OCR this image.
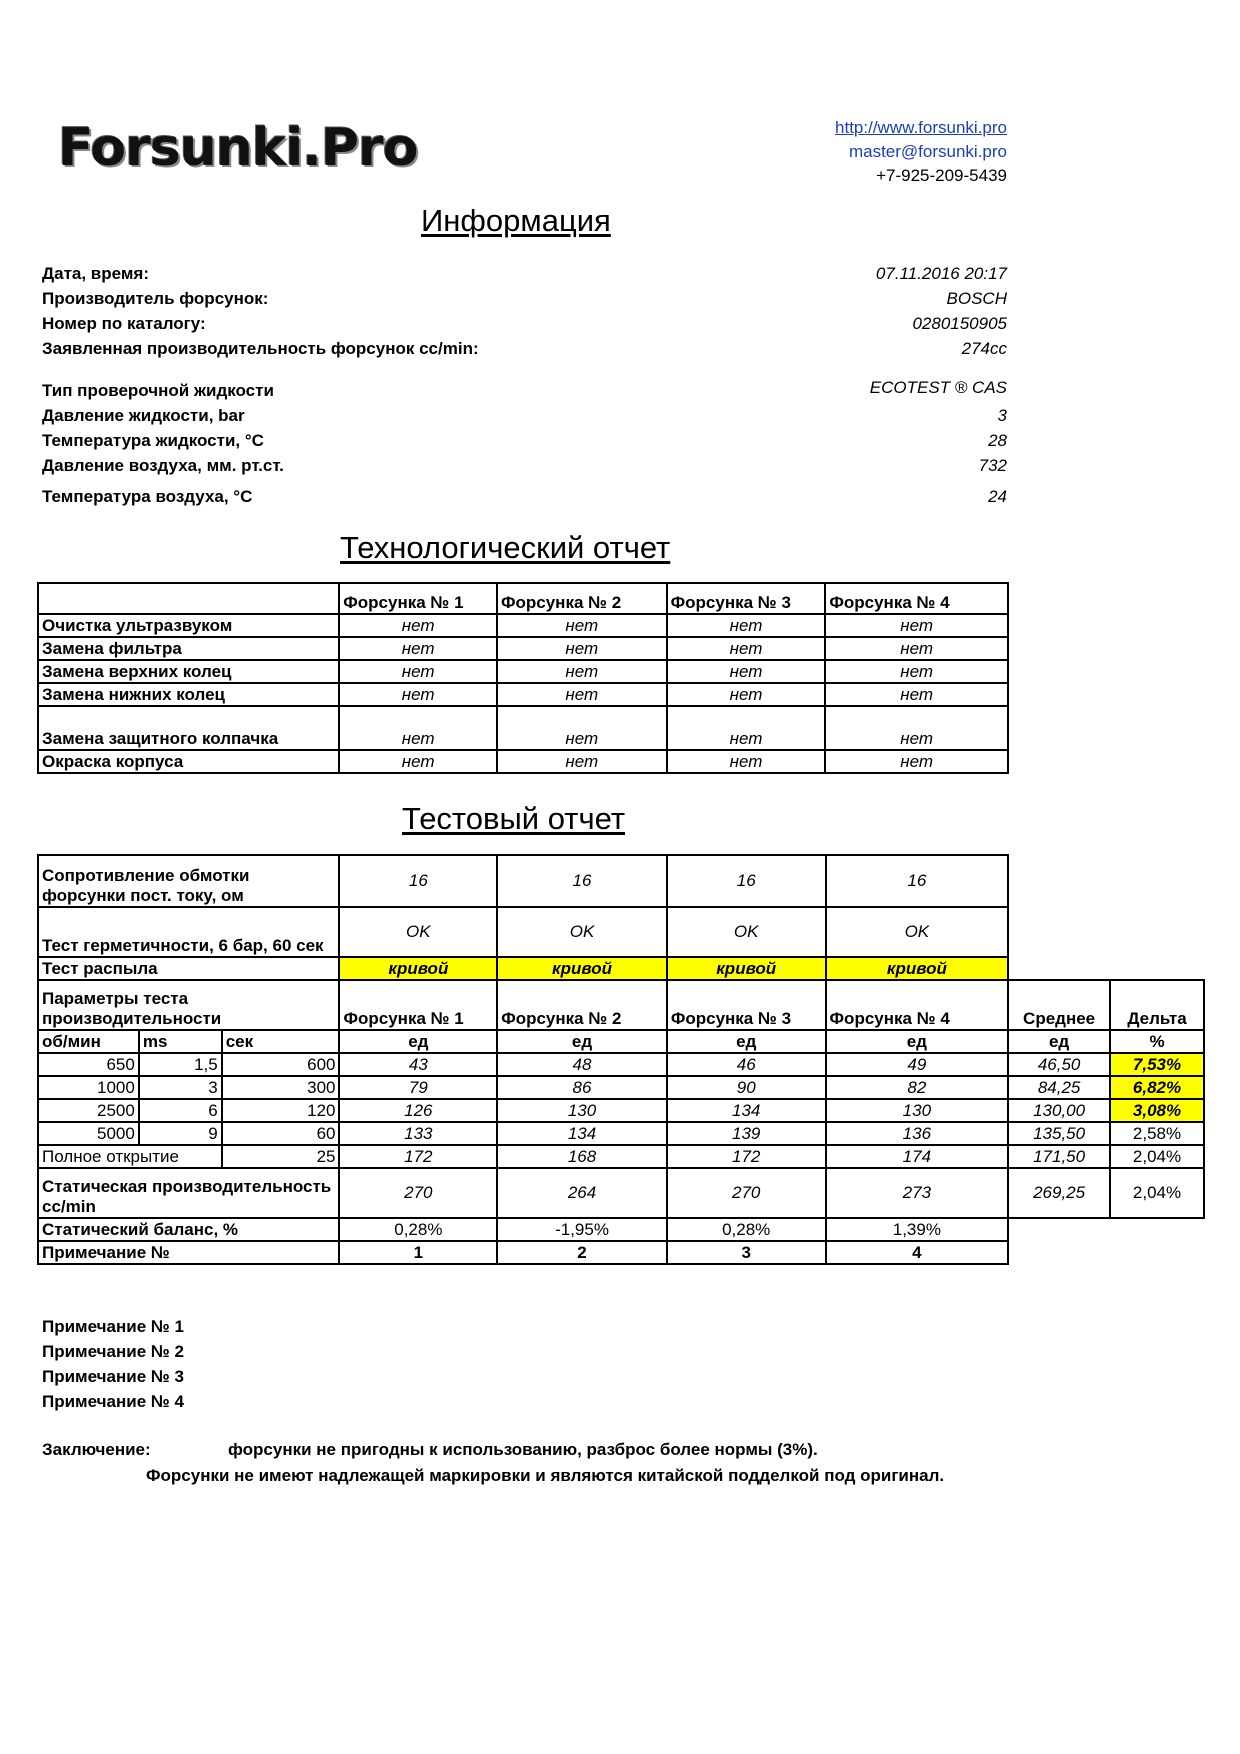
Forsunki.Pro	http://www.forsunki.pro
master@forsunki.pro
+7-925-209-5439
Информация
Дата, время:	07.11.2016 20:17
Производитель форсунок:	BOSCH
Номер по каталогу:	0280150905
Заявленная производительность форсунок cc/min:	274cc
Тип проверочной жидкости	ECOTEST ® CAS
Давление жидкости, bar	3
Температура жидкости, °C	28
Давление воздуха, мм. рт.ст.	732
Температура воздуха, °C	24
Технологический отчет
	Форсунка № 1	Форсунка № 2	Форсунка № 3	Форсунка № 4
Очистка ультразвуком	нет	нет	нет	нет
Замена фильтра	нет	нет	нет	нет
Замена верхних колец	нет	нет	нет	нет
Замена нижних колец	нет	нет	нет	нет
Замена защитного колпачка	нет	нет	нет	нет
Окраска корпуса	нет	нет	нет	нет
Тестовый отчет
Сопротивление обмотки форсунки пост. току, ом			16	16	16	16		
Тест герметичности, 6 бар, 60 сек			OK	OK	OK	OK		
Тест распыла			кривой	кривой	кривой	кривой		
Параметры теста производительности			Форсунка № 1	Форсунка № 2	Форсунка № 3	Форсунка № 4	Среднее	Дельта
об/мин	ms	сек	ед	ед	ед	ед	ед	%
650	1,5	600	43	48	46	49	46,50	7,53%
1000	3	300	79	86	90	82	84,25	6,82%
2500	6	120	126	130	134	130	130,00	3,08%
5000	9	60	133	134	139	136	135,50	2,58%
Полное открытие		25	172	168	172	174	171,50	2,04%
Статическая производительность cc/min			270	264	270	273	269,25	2,04%
Статический баланс, %			0,28%	-1,95%	0,28%	1,39%		
Примечание №			1	2	3	4		
Примечание № 1
Примечание № 2
Примечание № 3
Примечание № 4
Заключение:	форсунки не пригодны к использованию, разброс более нормы (3%).
Форсунки не имеют надлежащей маркировки и являются китайской подделкой под оригинал.
